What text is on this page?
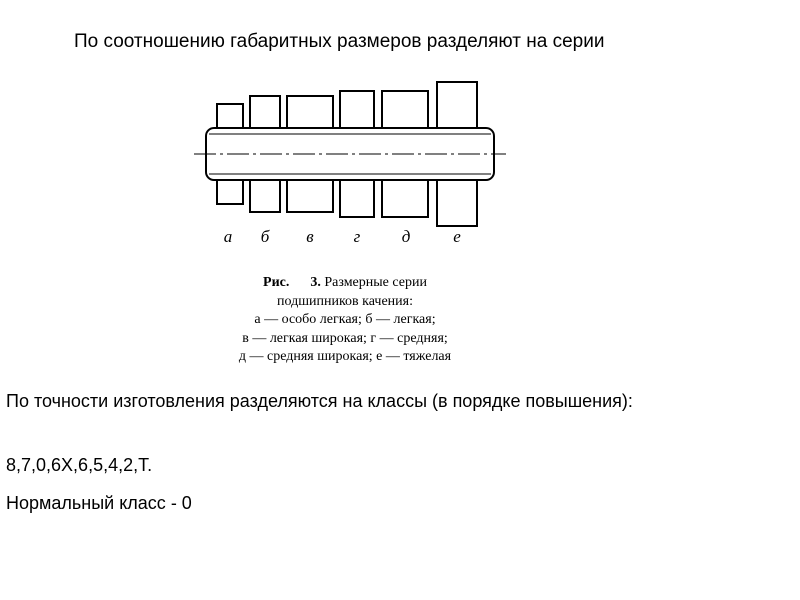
По соотношению габаритных размеров разделяют на серии
а б в г д	е
Рис. 3. Размерные серии
подшипников качения:
а — особо легкая; б — легкая;
в — легкая широкая; г — средняя;
д — средняя широкая; е — тяжелая
По точности изготовления разделяются на классы (в порядке повышения):
8,7,0,6Х,6,5,4,2,Т.
Нормальный класс - 0
